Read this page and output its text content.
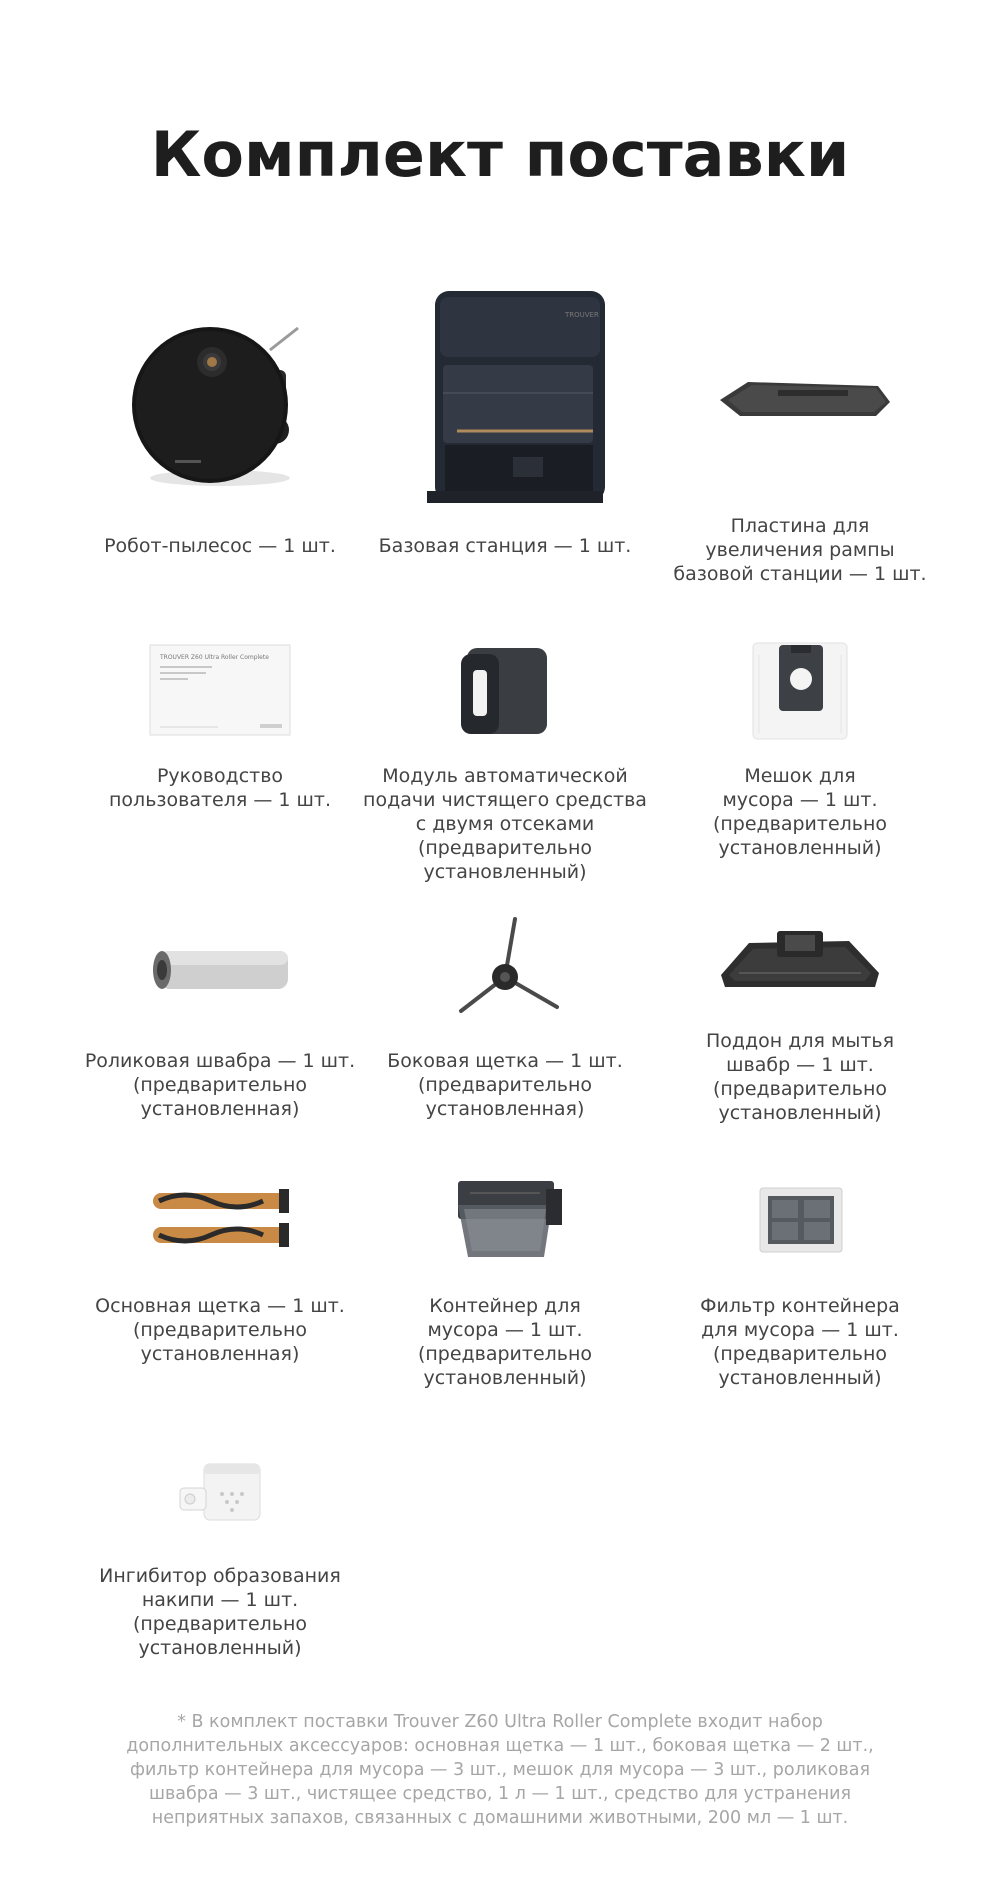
Комплект поставки
Робот-пылесос — 1 шт.
TROUVER
Базовая станция — 1 шт.
Пластина для
увеличения рампы
базовой станции — 1 шт.
TROUVER Z60 Ultra Roller Complete
Руководство
пользователя — 1 шт.
Модуль автоматической
подачи чистящего средства
с двумя отсеками
(предварительно установленный)
Мешок для
мусора — 1 шт.
(предварительно
установленный)
Роликовая швабра — 1 шт.
(предварительно
установленная)
Боковая щетка — 1 шт.
(предварительно
установленная)
Поддон для мытья
швабр — 1 шт.
(предварительно
установленный)
Основная щетка — 1 шт.
(предварительно
установленная)
Контейнер для
мусора — 1 шт.
(предварительно
установленный)
Фильтр контейнера
для мусора — 1 шт.
(предварительно
установленный)
Ингибитор образования
накипи — 1 шт.
(предварительно
установленный)

* В комплект поставки Trouver Z60 Ultra Roller Complete входит набор дополнительных аксессуаров: основная щетка — 1 шт., боковая щетка — 2 шт., фильтр контейнера для мусора — 3 шт., мешок для мусора — 3 шт., роликовая швабра — 3 шт., чистящее средство, 1 л — 1 шт., средство для устранения неприятных запахов, связанных с домашними животными, 200 мл — 1 шт.
